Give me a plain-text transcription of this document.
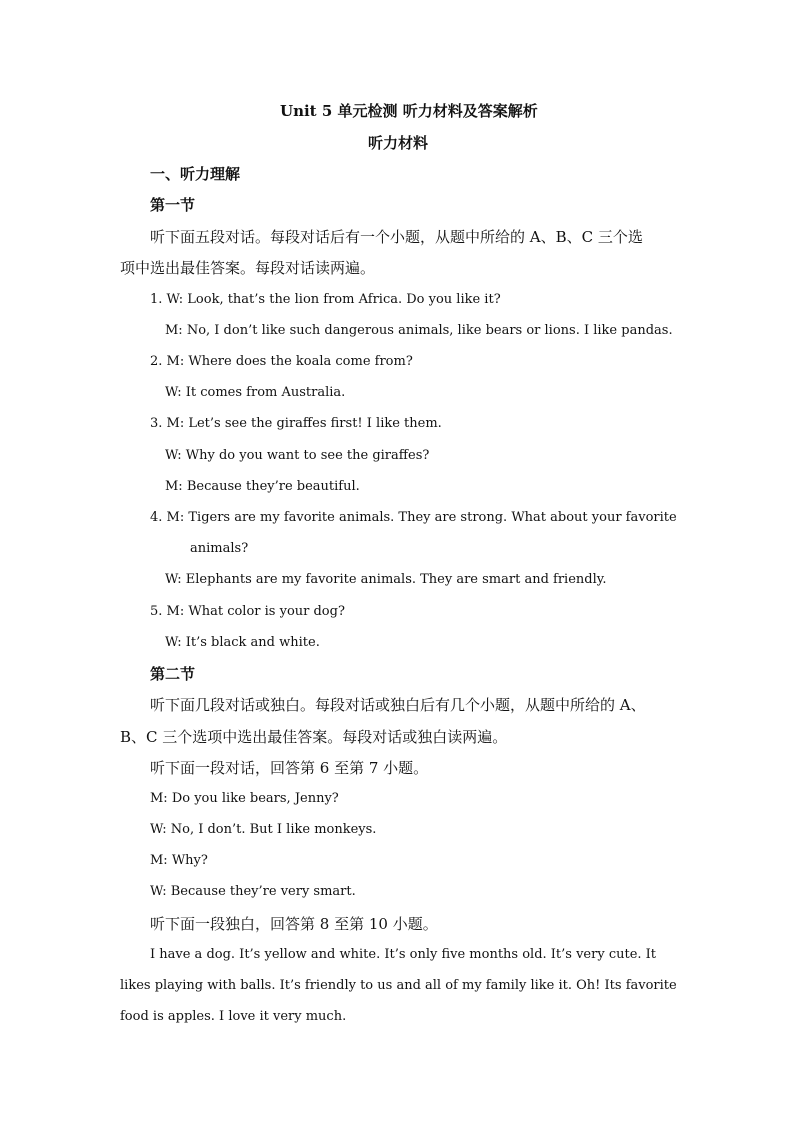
Unit 5 单元检测 听力材料及答案解析
听力材料
一、听力理解
第一节
听下面五段对话。每段对话后有一个小题，从题中所给的 A、B、C 三个选
项中选出最佳答案。每段对话读两遍。
1. W: Look, that’s the lion from Africa. Do you like it?
M: No, I don’t like such dangerous animals, like bears or lions. I like pandas.
2. M: Where does the koala come from?
W: It comes from Australia.
3. M: Let’s see the giraffes first! I like them.
W: Why do you want to see the giraffes?
M: Because they’re beautiful.
4. M: Tigers are my favorite animals. They are strong. What about your favorite
animals?
W: Elephants are my favorite animals. They are smart and friendly.
5. M: What color is your dog?
W: It’s black and white.
第二节
听下面几段对话或独白。每段对话或独白后有几个小题，从题中所给的 A、
B、C 三个选项中选出最佳答案。每段对话或独白读两遍。
听下面一段对话，回答第 6 至第 7 小题。
M: Do you like bears, Jenny?
W: No, I don’t. But I like monkeys.
M: Why?
W: Because they’re very smart.
听下面一段独白，回答第 8 至第 10 小题。
I have a dog. It’s yellow and white. It’s only five months old. It’s very cute. It
likes playing with balls. It’s friendly to us and all of my family like it. Oh! Its favorite
food is apples. I love it very much.
